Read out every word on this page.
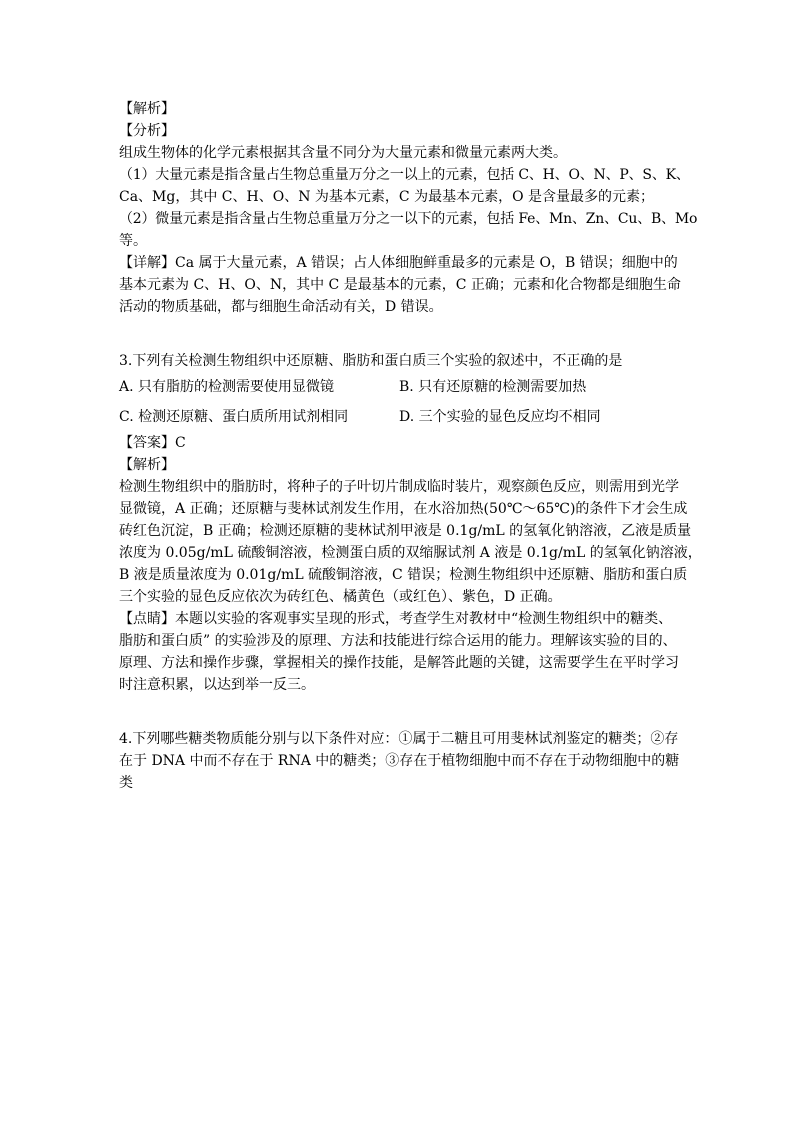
【解析】
【分析】
组成生物体的化学元素根据其含量不同分为大量元素和微量元素两大类。
（1）大量元素是指含量占生物总重量万分之一以上的元素，包括 C、H、O、N、P、S、K、
Ca、Mg，其中 C、H、O、N 为基本元素，C 为最基本元素，O 是含量最多的元素；
（2）微量元素是指含量占生物总重量万分之一以下的元素，包括 Fe、Mn、Zn、Cu、B、Mo
等。
【详解】Ca 属于大量元素，A 错误；占人体细胞鲜重最多的元素是 O，B 错误；细胞中的
基本元素为 C、H、O、N，其中 C 是最基本的元素，C 正确；元素和化合物都是细胞生命
活动的物质基础，都与细胞生命活动有关，D 错误。
3.下列有关检测生物组织中还原糖、脂肪和蛋白质三个实验的叙述中，不正确的是
A. 只有脂肪的检测需要使用显微镜	B. 只有还原糖的检测需要加热
C. 检测还原糖、蛋白质所用试剂相同	D. 三个实验的显色反应均不相同
【答案】C
【解析】
检测生物组织中的脂肪时，将种子的子叶切片制成临时装片，观察颜色反应，则需用到光学
显微镜，A 正确；还原糖与斐林试剂发生作用，在水浴加热(50℃～65℃)的条件下才会生成
砖红色沉淀，B 正确；检测还原糖的斐林试剂甲液是 0.1g/mL 的氢氧化钠溶液，乙液是质量
浓度为 0.05g/mL 硫酸铜溶液，检测蛋白质的双缩脲试剂 A 液是 0.1g/mL 的氢氧化钠溶液，
B 液是质量浓度为 0.01g/mL 硫酸铜溶液，C 错误；检测生物组织中还原糖、脂肪和蛋白质
三个实验的显色反应依次为砖红色、橘黄色（或红色）、紫色，D 正确。
【点睛】本题以实验的客观事实呈现的形式，考查学生对教材中“检测生物组织中的糖类、
脂肪和蛋白质” 的实验涉及的原理、方法和技能进行综合运用的能力。理解该实验的目的、
原理、方法和操作步骤，掌握相关的操作技能，是解答此题的关键，这需要学生在平时学习
时注意积累，以达到举一反三。
4.下列哪些糖类物质能分别与以下条件对应：①属于二糖且可用斐林试剂鉴定的糖类；②存
在于 DNA 中而不存在于 RNA 中的糖类；③存在于植物细胞中而不存在于动物细胞中的糖
类
